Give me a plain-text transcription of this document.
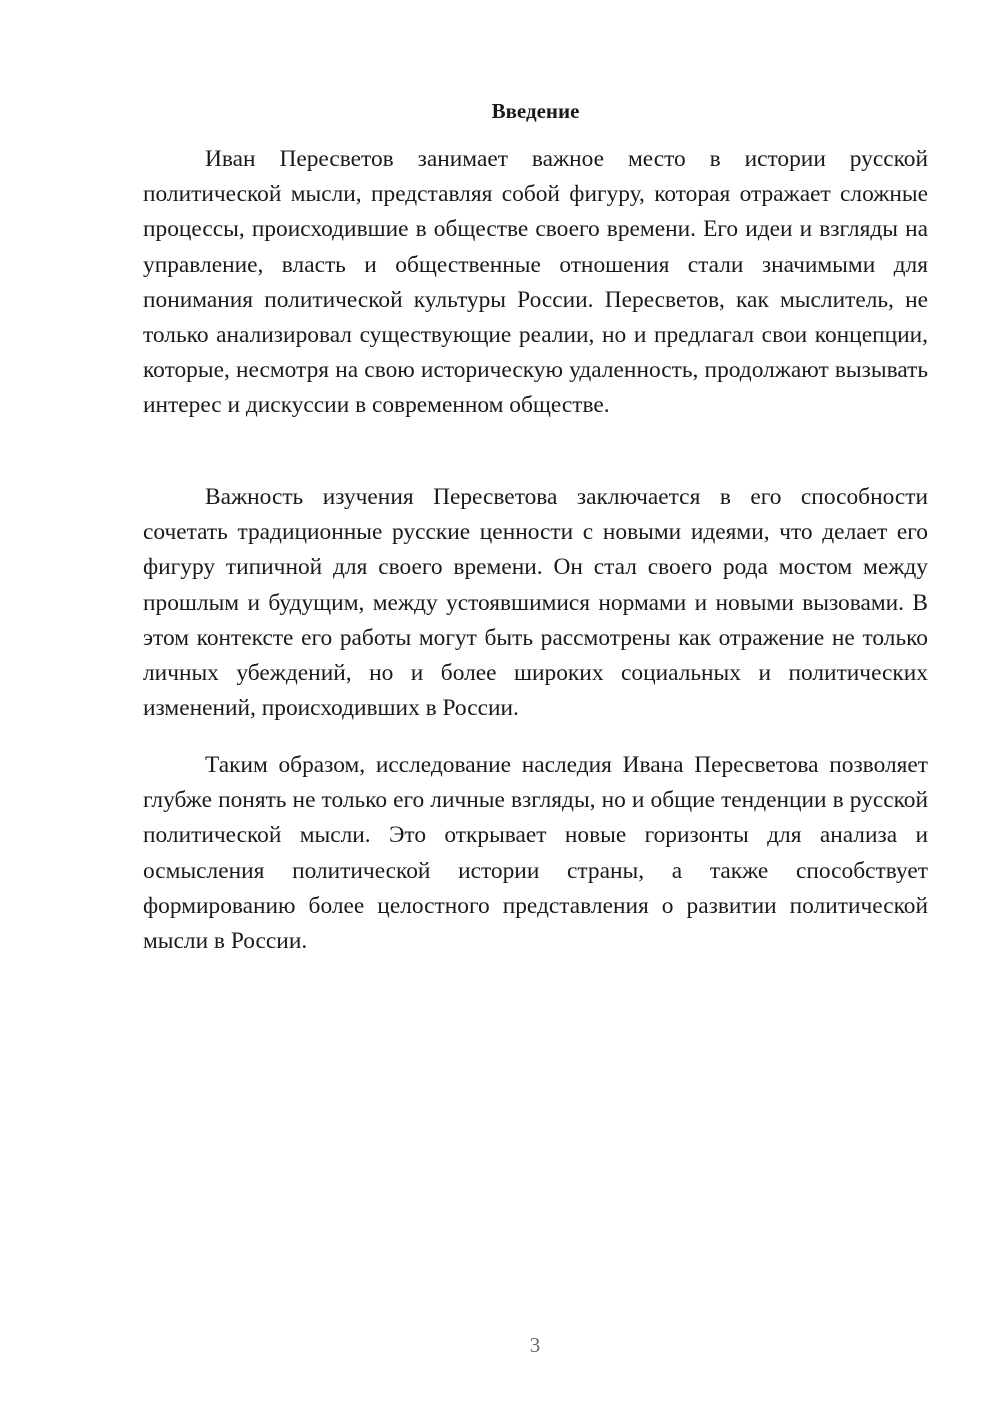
Введение

Иван Пересветов занимает важное место в истории русской политической мысли, представляя собой фигуру, которая отражает сложные процессы, происходившие в обществе своего времени. Его идеи и взгляды на управление, власть и общественные отношения стали значимыми для понимания политической культуры России. Пересветов, как мыслитель, не только анализировал существующие реалии, но и предлагал свои концепции, которые, несмотря на свою историческую удаленность, продолжают вызывать интерес и дискуссии в современном обществе.

Важность изучения Пересветова заключается в его способности сочетать традиционные русские ценности с новыми идеями, что делает его фигуру типичной для своего времени. Он стал своего рода мостом между прошлым и будущим, между устоявшимися нормами и новыми вызовами. В этом контексте его работы могут быть рассмотрены как отражение не только личных убеждений, но и более широких социальных и политических изменений, происходивших в России.

Таким образом, исследование наследия Ивана Пересветова позволяет глубже понять не только его личные взгляды, но и общие тенденции в русской политической мысли. Это открывает новые горизонты для анализа и осмысления политической истории страны, а также способствует формированию более целостного представления о развитии политической мысли в России.

3
